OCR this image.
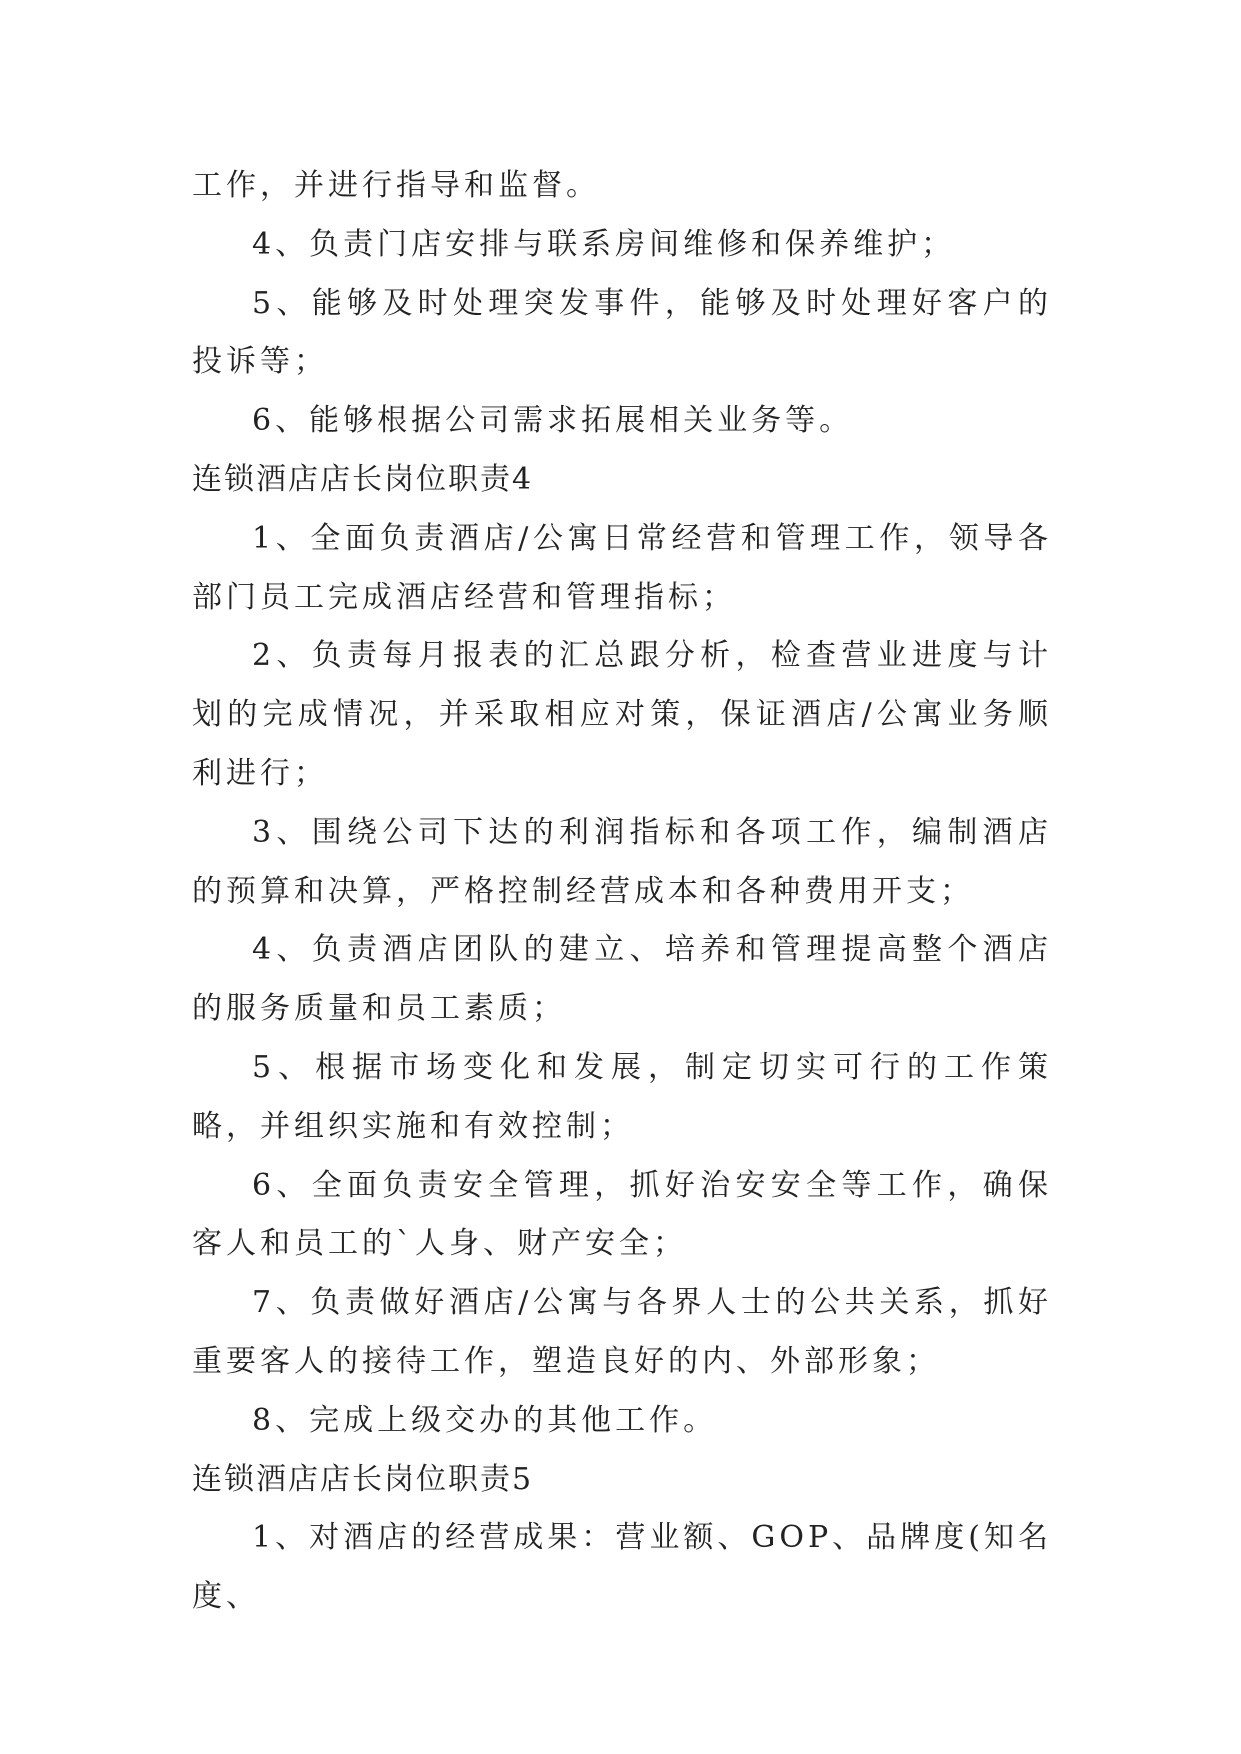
工作，并进行指导和监督。

4、负责门店安排与联系房间维修和保养维护；

5、能够及时处理突发事件，能够及时处理好客户的投诉等；

6、能够根据公司需求拓展相关业务等。

连锁酒店店长岗位职责4

1、全面负责酒店/公寓日常经营和管理工作，领导各部门员工完成酒店经营和管理指标；

2、负责每月报表的汇总跟分析，检查营业进度与计划的完成情况，并采取相应对策，保证酒店/公寓业务顺利进行；

3、围绕公司下达的利润指标和各项工作，编制酒店的预算和决算，严格控制经营成本和各种费用开支；

4、负责酒店团队的建立、培养和管理提高整个酒店的服务质量和员工素质；

5、根据市场变化和发展，制定切实可行的工作策略，并组织实施和有效控制；

6、全面负责安全管理，抓好治安安全等工作，确保客人和员工的`人身、财产安全；

7、负责做好酒店/公寓与各界人士的公共关系，抓好重要客人的接待工作，塑造良好的内、外部形象；

8、完成上级交办的其他工作。

连锁酒店店长岗位职责5

1、对酒店的经营成果：营业额、GOP、品牌度(知名度、
